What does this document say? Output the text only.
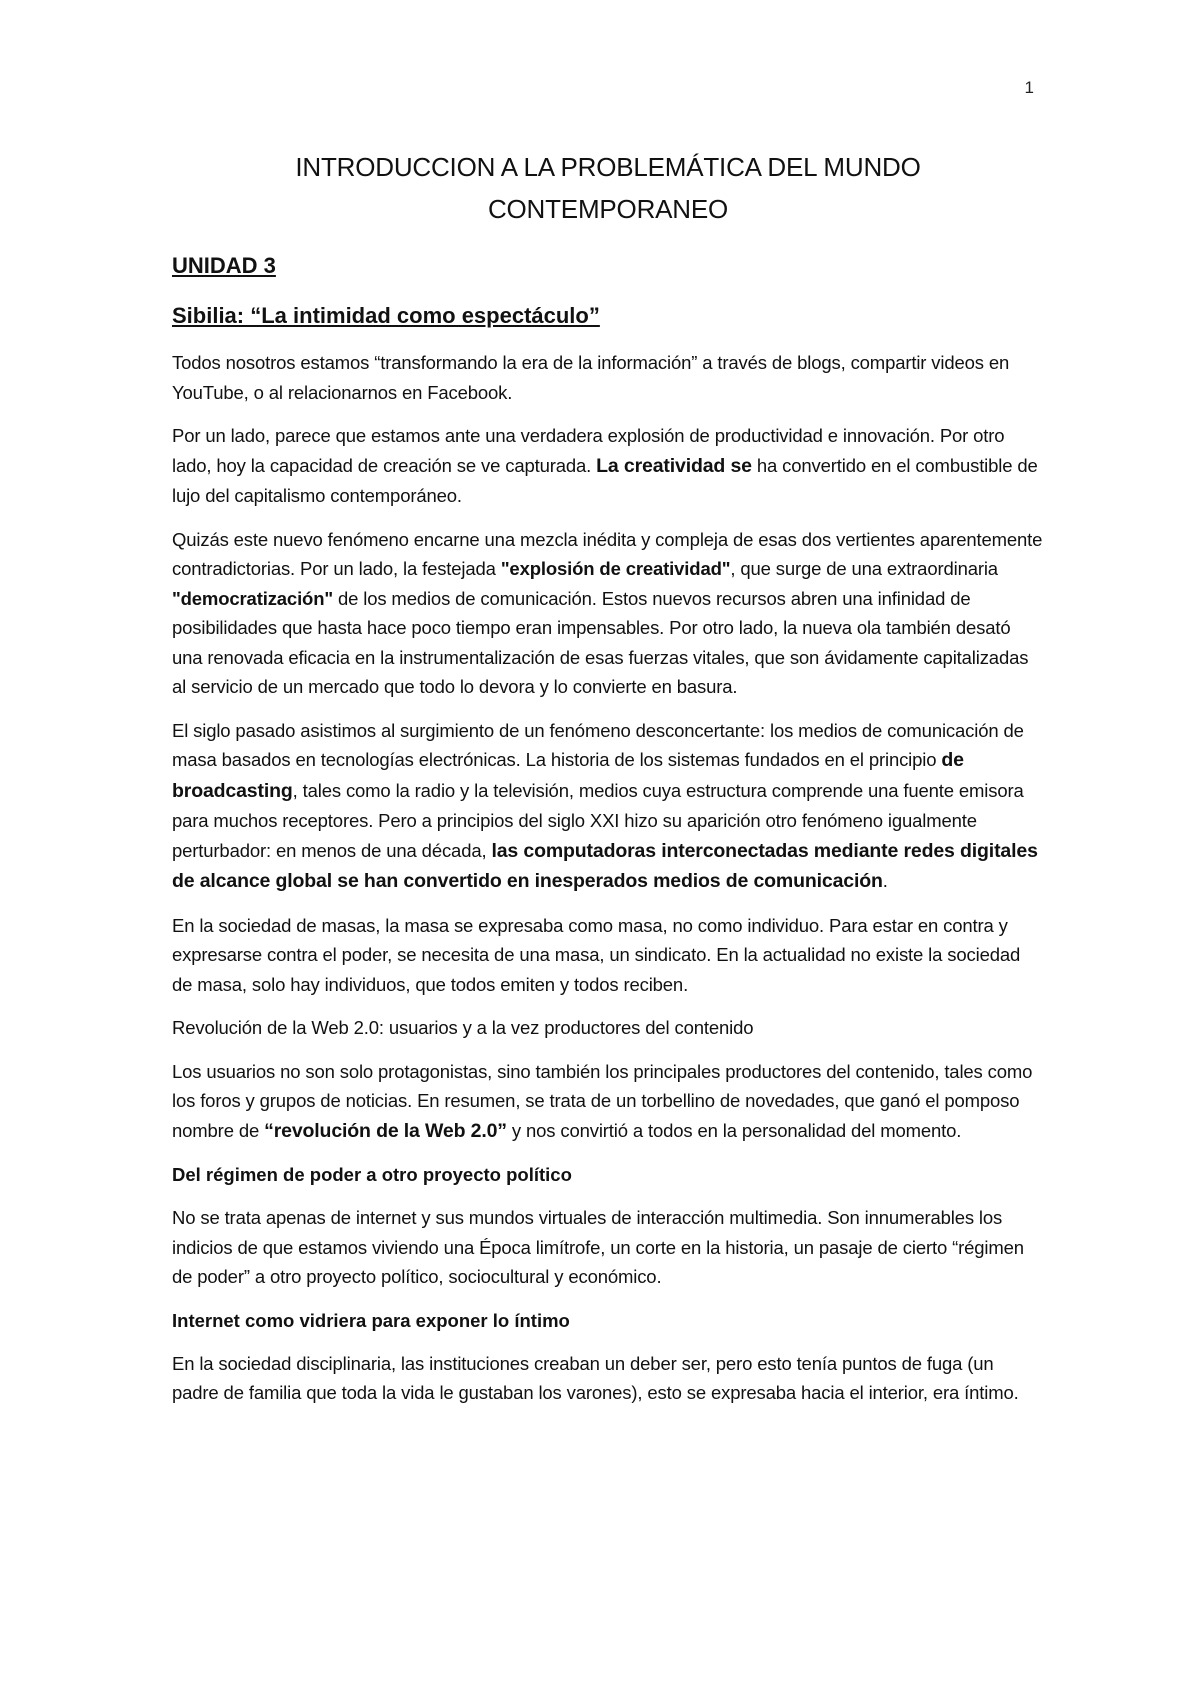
1
INTRODUCCION A LA PROBLEMÁTICA DEL MUNDO
CONTEMPORANEO
UNIDAD 3
Sibilia: “La intimidad como espectáculo”

Todos nosotros estamos “transformando la era de la información” a través de blogs, compartir videos en YouTube, o al relacionarnos en Facebook.

Por un lado, parece que estamos ante una verdadera explosión de productividad e innovación. Por otro lado, hoy la capacidad de creación se ve capturada. La creatividad se ha convertido en el combustible de lujo del capitalismo contemporáneo.

Quizás este nuevo fenómeno encarne una mezcla inédita y compleja de esas dos vertientes aparentemente contradictorias. Por un lado, la festejada "explosión de creatividad", que surge de una extraordinaria "democratización" de los medios de comunicación. Estos nuevos recursos abren una infinidad de posibilidades que hasta hace poco tiempo eran impensables. Por otro lado, la nueva ola también desató una renovada eficacia en la instrumentalización de esas fuerzas vitales, que son ávidamente capitalizadas al servicio de un mercado que todo lo devora y lo convierte en basura.

El siglo pasado asistimos al surgimiento de un fenómeno desconcertante: los medios de comunicación de masa basados en tecnologías electrónicas. La historia de los sistemas fundados en el principio de broadcasting, tales como la radio y la televisión, medios cuya estructura comprende una fuente emisora para muchos receptores. Pero a principios del siglo XXI hizo su aparición otro fenómeno igualmente perturbador: en menos de una década, las computadoras interconectadas mediante redes digitales de alcance global se han convertido en inesperados medios de comunicación.

En la sociedad de masas, la masa se expresaba como masa, no como individuo. Para estar en contra y expresarse contra el poder, se necesita de una masa, un sindicato. En la actualidad no existe la sociedad de masa, solo hay individuos, que todos emiten y todos reciben.

Revolución de la Web 2.0: usuarios y a la vez productores del contenido

Los usuarios no son solo protagonistas, sino también los principales productores del contenido, tales como los foros y grupos de noticias. En resumen, se trata de un torbellino de novedades, que ganó el pomposo nombre de “revolución de la Web 2.0” y nos convirtió a todos en la personalidad del momento.

Del régimen de poder a otro proyecto político

No se trata apenas de internet y sus mundos virtuales de interacción multimedia. Son innumerables los indicios de que estamos viviendo una Época limítrofe, un corte en la historia, un pasaje de cierto “régimen de poder” a otro proyecto político, sociocultural y económico.

Internet como vidriera para exponer lo íntimo

En la sociedad disciplinaria, las instituciones creaban un deber ser, pero esto tenía puntos de fuga (un padre de familia que toda la vida le gustaban los varones), esto se expresaba hacia el interior, era íntimo.
